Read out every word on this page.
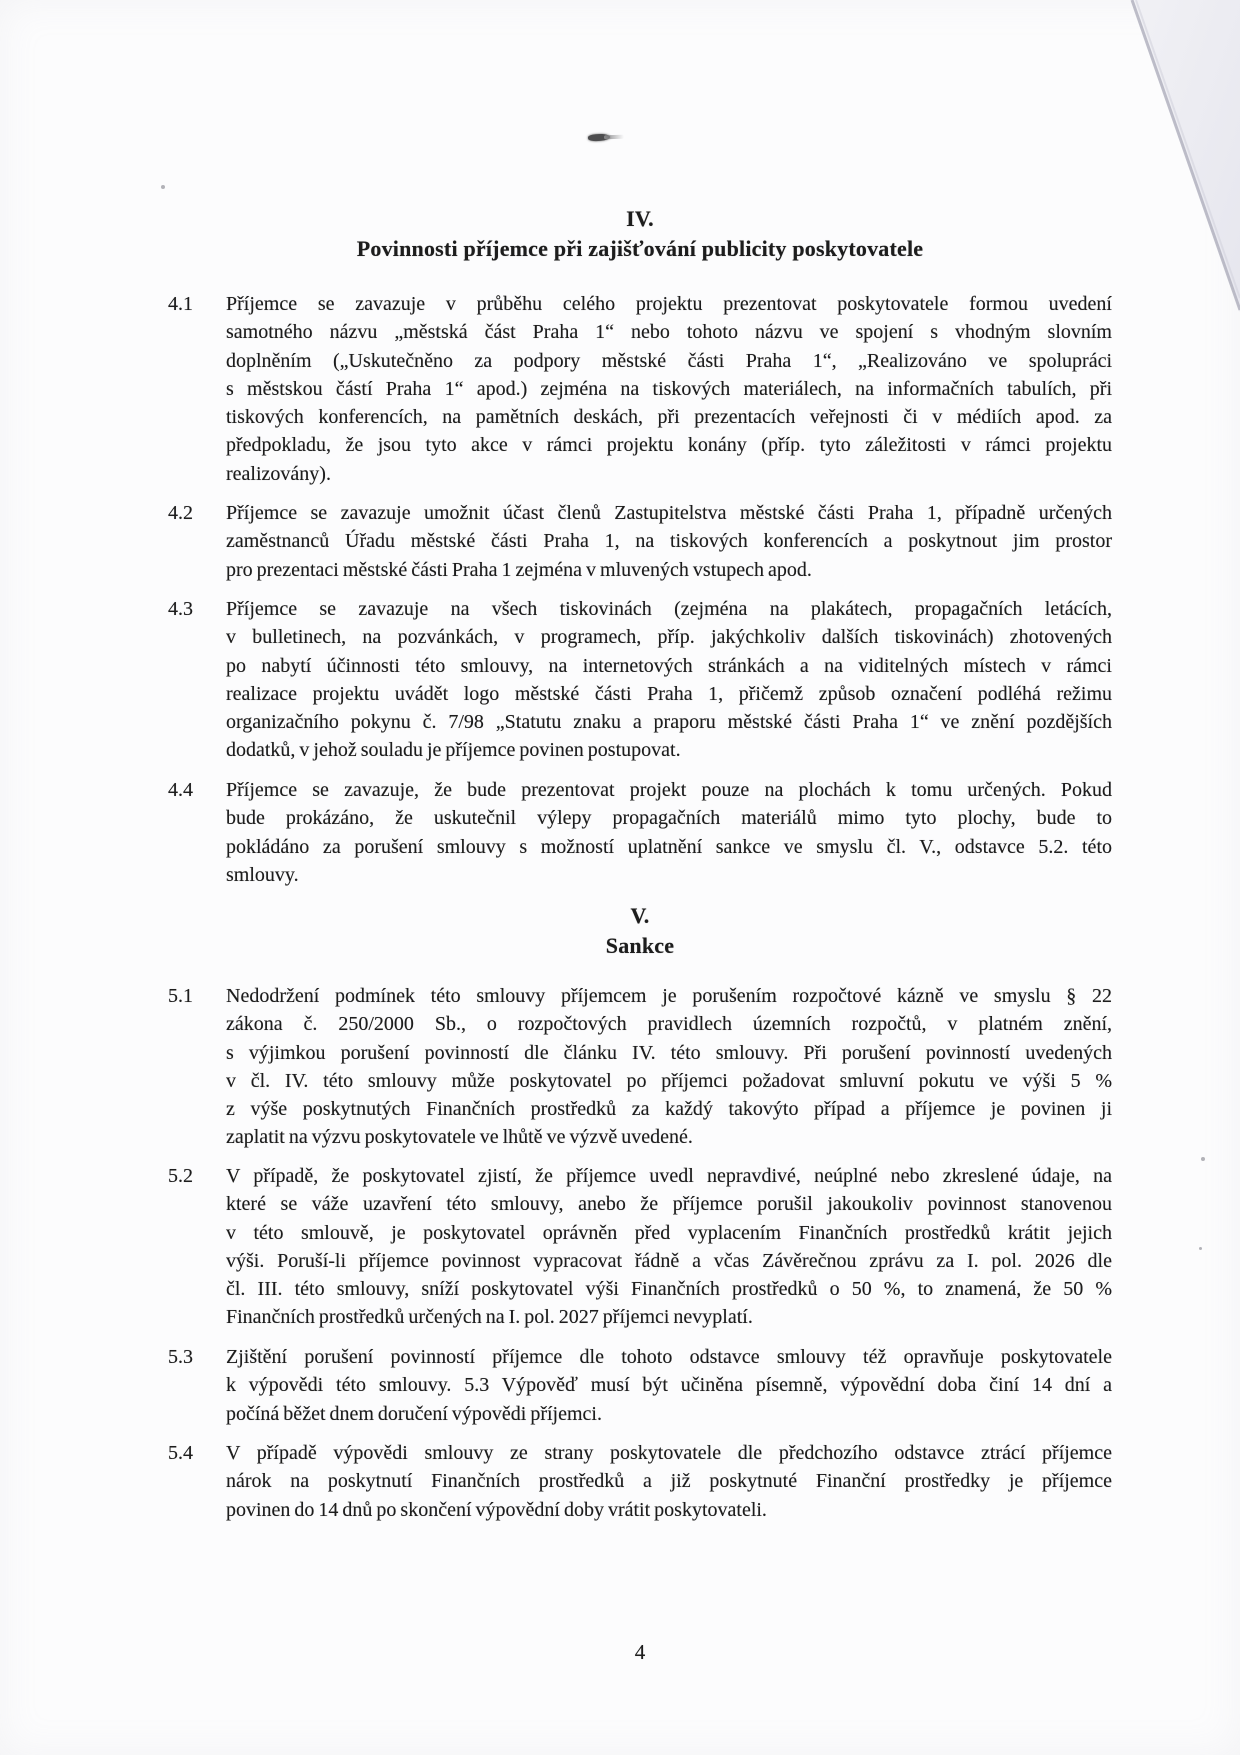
4
IV.
Povinnosti příjemce při zajišťování publicity poskytovatele
V.
Sankce
4.1 Příjemce se zavazuje v průběhu celého projektu prezentovat poskytovatele formou uvedení
samotného názvu „městská část Praha 1“ nebo tohoto názvu ve spojení s vhodným slovním
doplněním („Uskutečněno za podpory městské části Praha 1“, „Realizováno ve spolupráci
s městskou částí Praha 1“ apod.) zejména na tiskových materiálech, na informačních tabulích, při
tiskových konferencích, na pamětních deskách, při prezentacích veřejnosti či v médiích apod. za
předpokladu, že jsou tyto akce v rámci projektu konány (příp. tyto záležitosti v rámci projektu
realizovány).
4.2 Příjemce se zavazuje umožnit účast členů Zastupitelstva městské části Praha 1, případně určených
zaměstnanců Úřadu městské části Praha 1, na tiskových konferencích a poskytnout jim prostor
pro prezentaci městské části Praha 1 zejména v mluvených vstupech apod.
4.3 Příjemce se zavazuje na všech tiskovinách (zejména na plakátech, propagačních letácích,
v bulletinech, na pozvánkách, v programech, příp. jakýchkoliv dalších tiskovinách) zhotovených
po nabytí účinnosti této smlouvy, na internetových stránkách a na viditelných místech v rámci
realizace projektu uvádět logo městské části Praha 1, přičemž způsob označení podléhá režimu
organizačního pokynu č. 7/98 „Statutu znaku a praporu městské části Praha 1“ ve znění pozdějších
dodatků, v jehož souladu je příjemce povinen postupovat.
4.4 Příjemce se zavazuje, že bude prezentovat projekt pouze na plochách k tomu určených. Pokud
bude prokázáno, že uskutečnil výlepy propagačních materiálů mimo tyto plochy, bude to
pokládáno za porušení smlouvy s možností uplatnění sankce ve smyslu čl. V., odstavce 5.2. této
smlouvy.
5.1 Nedodržení podmínek této smlouvy příjemcem je porušením rozpočtové kázně ve smyslu § 22
zákona č. 250/2000 Sb., o rozpočtových pravidlech územních rozpočtů, v platném znění,
s výjimkou porušení povinností dle článku IV. této smlouvy. Při porušení povinností uvedených
v čl. IV. této smlouvy může poskytovatel po příjemci požadovat smluvní pokutu ve výši 5 %
z výše poskytnutých Finančních prostředků za každý takovýto případ a příjemce je povinen ji
zaplatit na výzvu poskytovatele ve lhůtě ve výzvě uvedené.
5.2 V případě, že poskytovatel zjistí, že příjemce uvedl nepravdivé, neúplné nebo zkreslené údaje, na
které se váže uzavření této smlouvy, anebo že příjemce porušil jakoukoliv povinnost stanovenou
v této smlouvě, je poskytovatel oprávněn před vyplacením Finančních prostředků krátit jejich
výši. Poruší-li příjemce povinnost vypracovat řádně a včas Závěrečnou zprávu za I. pol. 2026 dle
čl. III. této smlouvy, sníží poskytovatel výši Finančních prostředků o 50 %, to znamená, že 50 %
Finančních prostředků určených na I. pol. 2027 příjemci nevyplatí.
5.3 Zjištění porušení povinností příjemce dle tohoto odstavce smlouvy též opravňuje poskytovatele
k výpovědi této smlouvy. 5.3 Výpověď musí být učiněna písemně, výpovědní doba činí 14 dní a
počíná běžet dnem doručení výpovědi příjemci.
5.4 V případě výpovědi smlouvy ze strany poskytovatele dle předchozího odstavce ztrácí příjemce
nárok na poskytnutí Finančních prostředků a již poskytnuté Finanční prostředky je příjemce
povinen do 14 dnů po skončení výpovědní doby vrátit poskytovateli.
